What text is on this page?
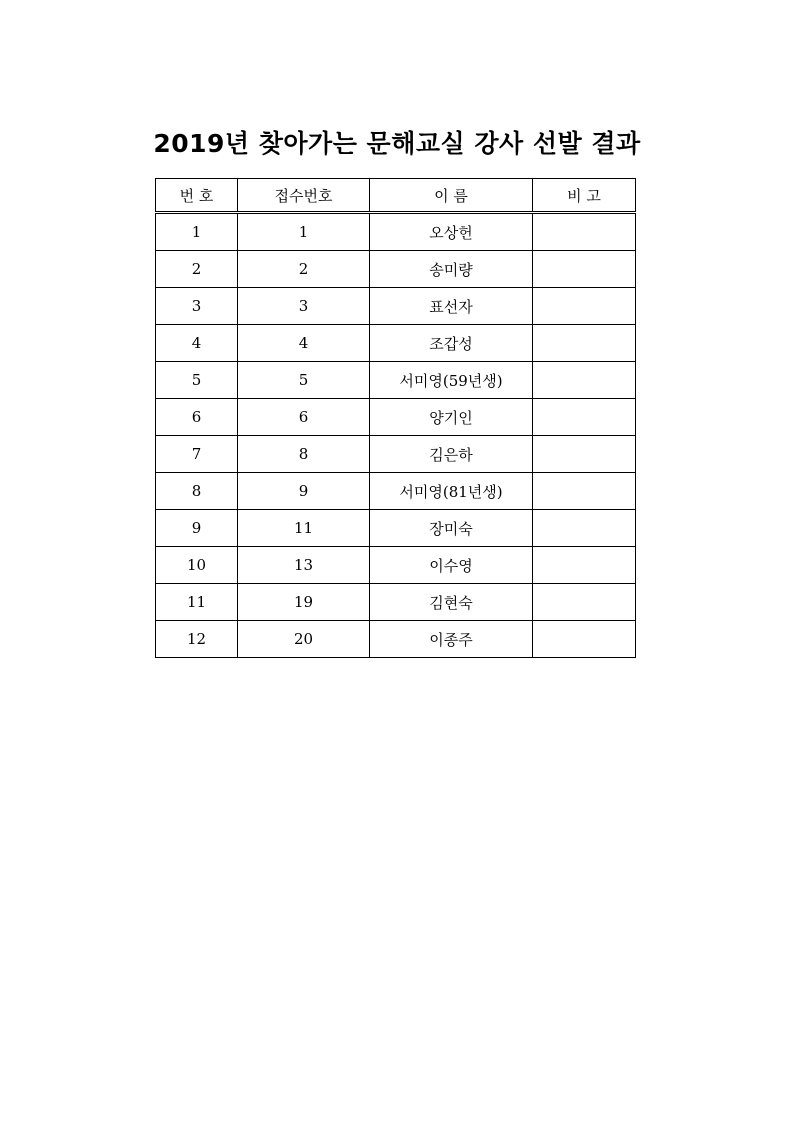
2019년 찾아가는 문해교실 강사 선발 결과
번 호	접수번호	이 름	비 고
1	1	오상헌	
2	2	송미량	
3	3	표선자	
4	4	조갑성	
5	5	서미영(59년생)	
6	6	양기인	
7	8	김은하	
8	9	서미영(81년생)	
9	11	장미숙	
10	13	이수영	
11	19	김현숙	
12	20	이종주	
